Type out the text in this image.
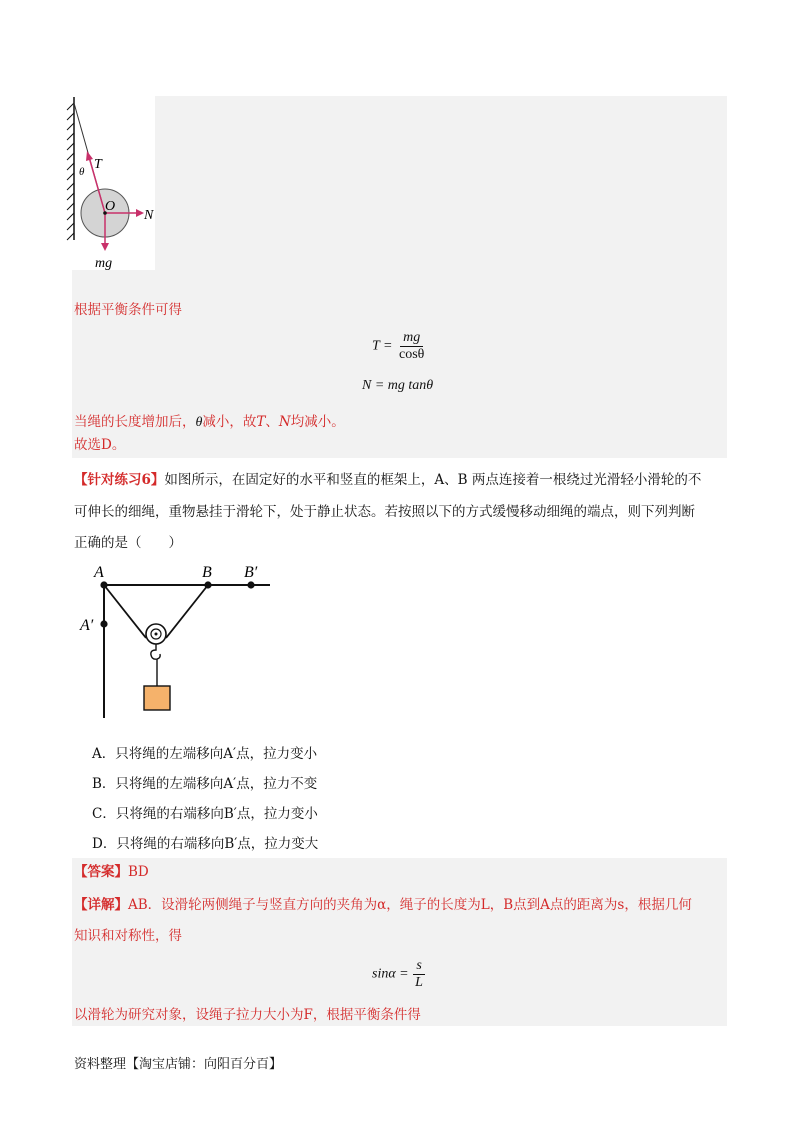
T
θ
O
N
mg
根据平衡条件可得
$T = \frac{mg}{\cos\theta}$
N = mg tanθ
当绳的长度增加后，θ减小，故T、N均减小。
故选D。
【针对练习6】如图所示，在固定好的水平和竖直的框架上，A、B 两点连接着一根绕过光滑轻小滑轮的不
可伸长的细绳，重物悬挂于滑轮下，处于静止状态。若按照以下的方式缓慢移动细绳的端点，则下列判断
正确的是（　　）
A	B B′
A′
A．只将绳的左端移向A′点，拉力变小
B．只将绳的左端移向A′点，拉力不变
C．只将绳的右端移向B′点，拉力变小
D．只将绳的右端移向B′点，拉力变大
【答案】BD
【详解】AB．设滑轮两侧绳子与竖直方向的夹角为α，绳子的长度为L，B点到A点的距离为s，根据几何
知识和对称性，得
$\sin\alpha = \frac{s}{L}$
以滑轮为研究对象，设绳子拉力大小为F，根据平衡条件得
资料整理【淘宝店铺：向阳百分百】
